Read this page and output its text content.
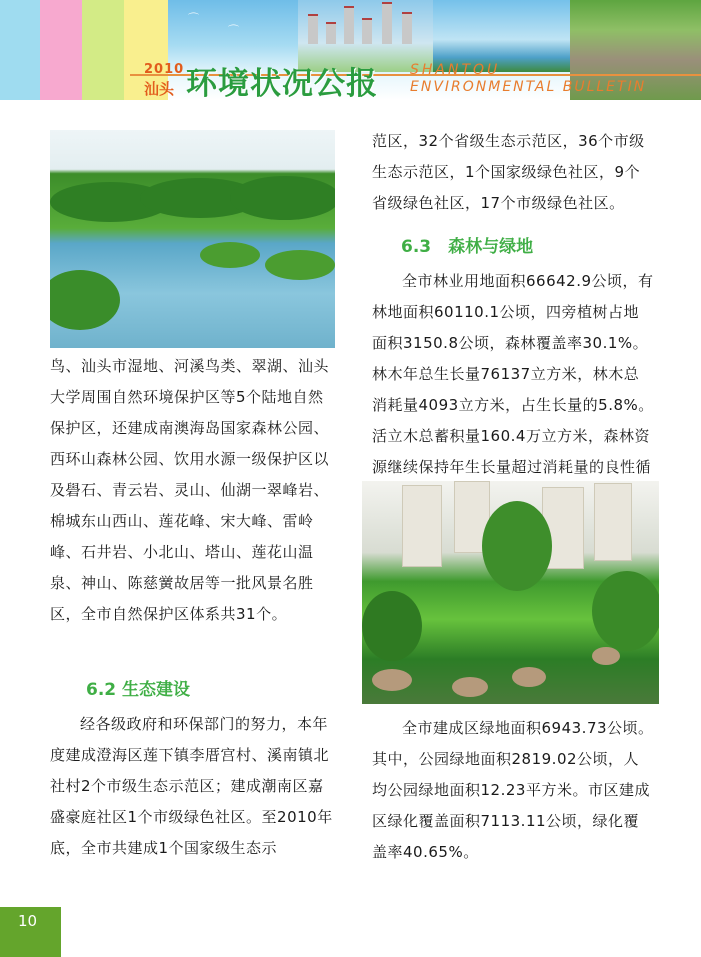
⌒
⌒
2010
汕头 环境状况公报 SHANTOU
ENVIRONMENTAL BULLETIN

鸟、汕头市湿地、河溪鸟类、翠湖、汕头大学周围自然环境保护区等5个陆地自然保护区，还建成南澳海岛国家森林公园、西环山森林公园、饮用水源一级保护区以及礐石、青云岩、灵山、仙湖一翠峰岩、棉城东山西山、莲花峰、宋大峰、雷岭峰、石井岩、小北山、塔山、莲花山温泉、神山、陈慈黉故居等一批风景名胜区，全市自然保护区体系共31个。

6.2 生态建设

经各级政府和环保部门的努力，本年度建成澄海区莲下镇李厝宫村、溪南镇北社村2个市级生态示范区；建成潮南区嘉盛豪庭社区1个市级绿色社区。至2010年底，全市共建成1个国家级生态示

范区，32个省级生态示范区，36个市级生态示范区，1个国家级绿色社区，9个省级绿色社区，17个市级绿色社区。

6.3　森林与绿地

全市林业用地面积66642.9公顷，有林地面积60110.1公顷，四旁植树占地面积3150.8公顷，森林覆盖率30.1%。林木年总生长量76137立方米，林木总消耗量4093立方米，占生长量的5.8%。活立木总蓄积量160.4万立方米，森林资源继续保持年生长量超过消耗量的良性循

全市建成区绿地面积6943.73公顷。其中，公园绿地面积2819.02公顷，人均公园绿地面积12.23平方米。市区建成区绿化覆盖面积7113.11公顷，绿化覆盖率40.65%。

10
